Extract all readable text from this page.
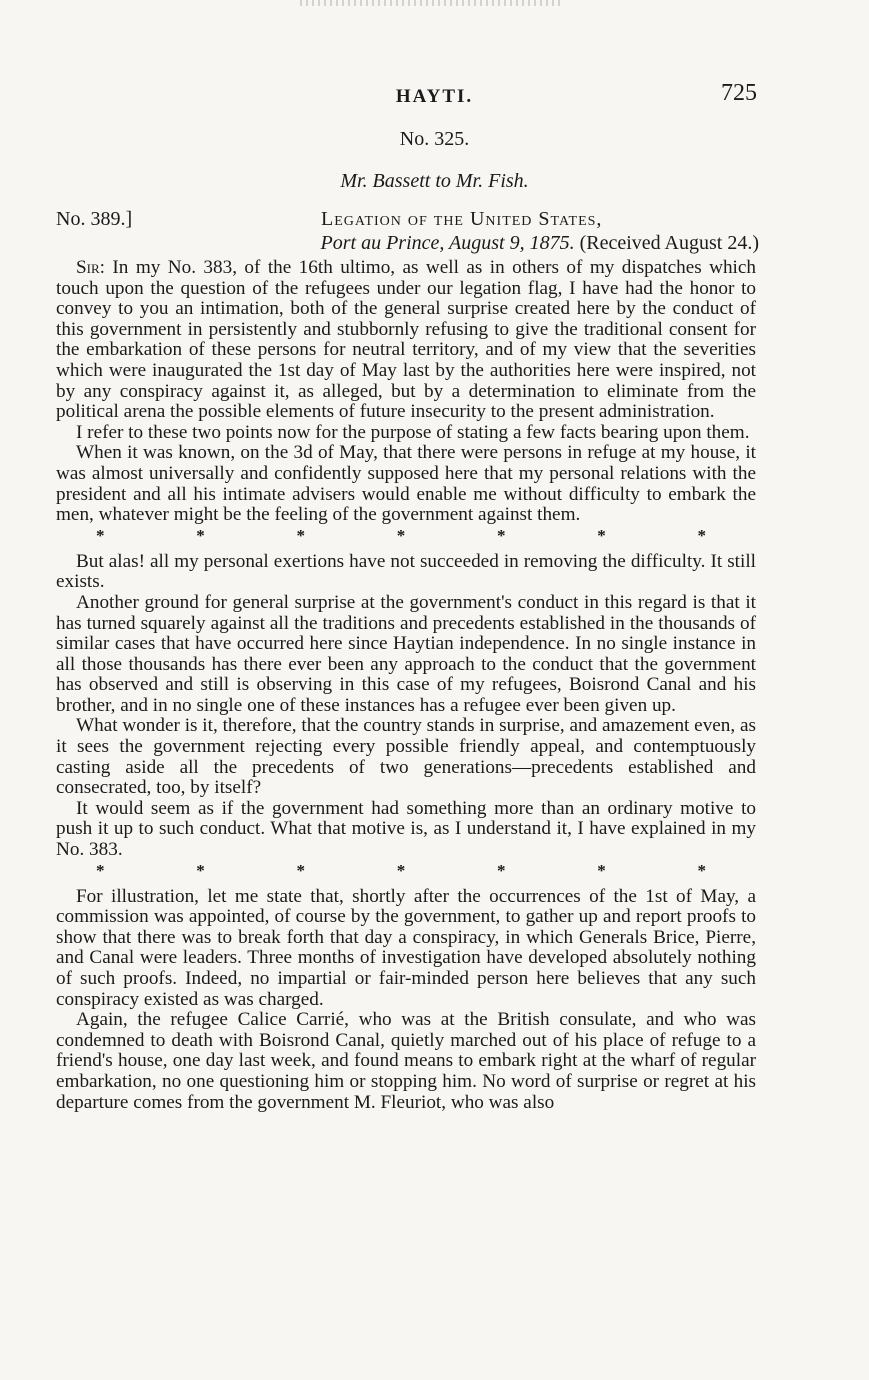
HAYTI.	725
No. 325.
Mr. Bassett to Mr. Fish.
No. 389.]	Legation of the United States,
Port au Prince, August 9, 1875. (Received August 24.)

Sir: In my No. 383, of the 16th ultimo, as well as in others of my dispatches which touch upon the question of the refugees under our legation flag, I have had the honor to convey to you an intimation, both of the general surprise created here by the conduct of this government in persistently and stubbornly refusing to give the traditional consent for the embarkation of these persons for neutral territory, and of my view that the severities which were inaugurated the 1st day of May last by the authorities here were inspired, not by any conspiracy against it, as alleged, but by a determination to eliminate from the political arena the possible elements of future insecurity to the present administration.

I refer to these two points now for the purpose of stating a few facts bearing upon them.

When it was known, on the 3d of May, that there were persons in refuge at my house, it was almost universally and confidently supposed here that my personal relations with the president and all his intimate advisers would enable me without difficulty to embark the men, whatever might be the feeling of the government against them.

*	*	*	*	*	*	*

But alas! all my personal exertions have not succeeded in removing the difficulty. It still exists.

Another ground for general surprise at the government's conduct in this regard is that it has turned squarely against all the traditions and precedents established in the thousands of similar cases that have occurred here since Haytian independence. In no single instance in all those thousands has there ever been any approach to the conduct that the government has observed and still is observing in this case of my refugees, Boisrond Canal and his brother, and in no single one of these instances has a refugee ever been given up.

What wonder is it, therefore, that the country stands in surprise, and amazement even, as it sees the government rejecting every possible friendly appeal, and contemptuously casting aside all the precedents of two generations—precedents established and consecrated, too, by itself?

It would seem as if the government had something more than an ordinary motive to push it up to such conduct. What that motive is, as I understand it, I have explained in my No. 383.

*	*	*	*	*	*	*

For illustration, let me state that, shortly after the occurrences of the 1st of May, a commission was appointed, of course by the government, to gather up and report proofs to show that there was to break forth that day a conspiracy, in which Generals Brice, Pierre, and Canal were leaders. Three months of investigation have developed absolutely nothing of such proofs. Indeed, no impartial or fair-minded person here believes that any such conspiracy existed as was charged.

Again, the refugee Calice Carrié, who was at the British consulate, and who was condemned to death with Boisrond Canal, quietly marched out of his place of refuge to a friend's house, one day last week, and found means to embark right at the wharf of regular embarkation, no one questioning him or stopping him. No word of surprise or regret at his departure comes from the government M. Fleuriot, who was also
